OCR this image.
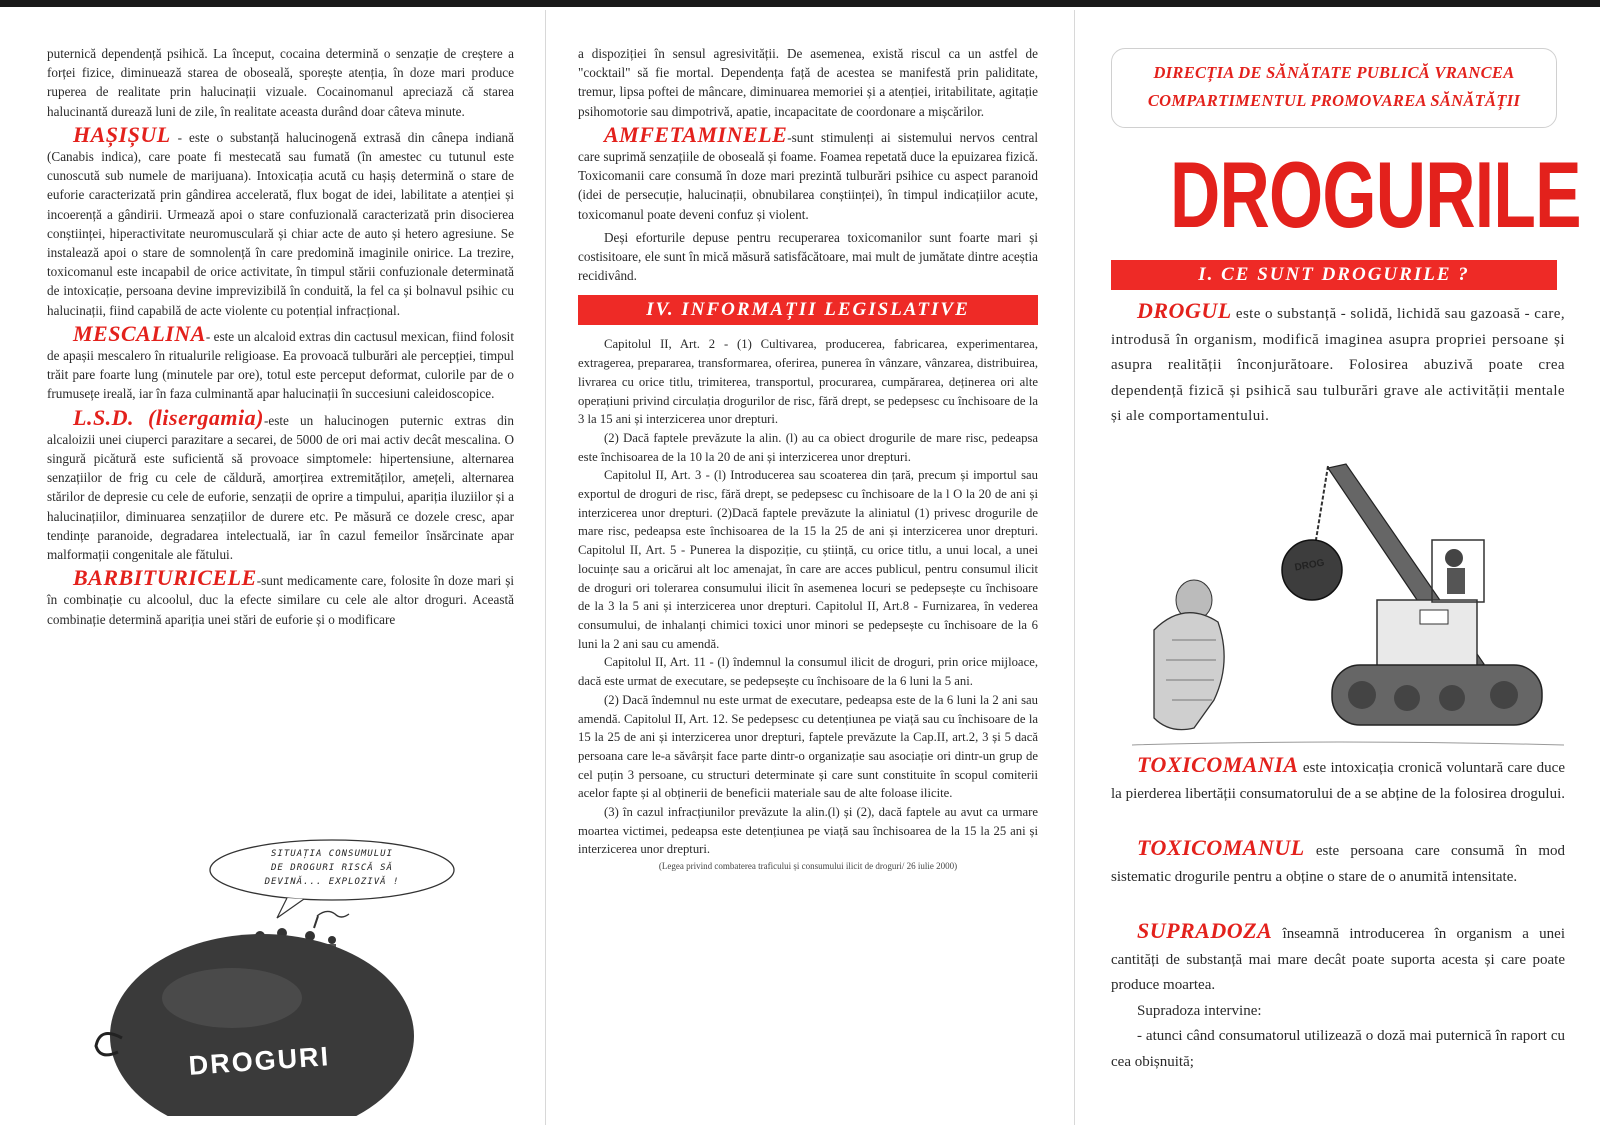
puternică dependență psihică. La început, cocaina determină o senzație de creștere a forței fizice, diminuează starea de oboseală, sporește atenția, în doze mari produce ruperea de realitate prin halucinații vizuale. Cocainomanul apreciază că starea halucinantă durează luni de zile, în realitate aceasta durând doar câteva minute.

HAȘIȘUL - este o substanță halucinogenă extrasă din cânepa indiană (Canabis indica), care poate fi mestecată sau fumată (în amestec cu tutunul este cunoscută sub numele de marijuana). Intoxicația acută cu hașiș determină o stare de euforie caracterizată prin gândirea accelerată, flux bogat de idei, labilitate a atenției și incoerență a gândirii. Urmează apoi o stare confuzională caracterizată prin disocierea conștiinței, hiperactivitate neuromusculară și chiar acte de auto și hetero agresiune. Se instalează apoi o stare de somnolență în care predomină imaginile onirice. La trezire, toxicomanul este incapabil de orice activitate, în timpul stării confuzionale determinată de intoxicație, persoana devine imprevizibilă în conduită, la fel ca și bolnavul psihic cu halucinații, fiind capabilă de acte violente cu potențial infracțional.

MESCALINA- este un alcaloid extras din cactusul mexican, fiind folosit de apașii mescalero în ritualurile religioase. Ea provoacă tulburări ale percepției, timpul trăit pare foarte lung (minutele par ore), totul este perceput deformat, culorile par de o frumusețe ireală, iar în faza culminantă apar halucinații în succesiuni caleidoscopice.

L.S.D. (lisergamia)-este un halucinogen puternic extras din alcaloizii unei ciuperci parazitare a secarei, de 5000 de ori mai activ decât mescalina. O singură picătură este suficientă să provoace simptomele: hipertensiune, alternarea senzațiilor de frig cu cele de căldură, amorțirea extremităților, amețeli, alternarea stărilor de depresie cu cele de euforie, senzații de oprire a timpului, apariția iluziilor și a halucinațiilor, diminuarea senzațiilor de durere etc. Pe măsură ce dozele cresc, apar tendințe paranoide, degradarea intelectuală, iar în cazul femeilor însărcinate apar malformații congenitale ale fătului.

BARBITURICELE-sunt medicamente care, folosite în doze mari și în combinație cu alcoolul, duc la efecte similare cu cele ale altor droguri. Această combinație determină apariția unei stări de euforie și o modificare

SITUAȚIA CONSUMULUI
DE DROGURI RISCĂ SĂ
DEVINĂ... EXPLOZIVĂ !
DROGURI

a dispoziției în sensul agresivității. De asemenea, există riscul ca un astfel de "cocktail" să fie mortal. Dependența față de acestea se manifestă prin paliditate, tremur, lipsa poftei de mâncare, diminuarea memoriei și a atenției, iritabilitate, agitație psihomotorie sau dimpotrivă, apatie, incapacitate de coordonare a mișcărilor.

AMFETAMINELE-sunt stimulenți ai sistemului nervos central care suprimă senzațiile de oboseală și foame. Foamea repetată duce la epuizarea fizică. Toxicomanii care consumă în doze mari prezintă tulburări psihice cu aspect paranoid (idei de persecuție, halucinații, obnubilarea conștiinței), în timpul indicațiilor acute, toxicomanul poate deveni confuz și violent.

Deși eforturile depuse pentru recuperarea toxicomanilor sunt foarte mari și costisitoare, ele sunt în mică măsură satisfăcătoare, mai mult de jumătate dintre aceștia recidivând.

IV. INFORMAȚII LEGISLATIVE

Capitolul II, Art. 2 - (1) Cultivarea, producerea, fabricarea, experimentarea, extragerea, prepararea, transformarea, oferirea, punerea în vânzare, vânzarea, distribuirea, livrarea cu orice titlu, trimiterea, transportul, procurarea, cumpărarea, deținerea ori alte operațiuni privind circulația drogurilor de risc, fără drept, se pedepsesc cu închisoare de la 3 la 15 ani și interzicerea unor drepturi.

(2) Dacă faptele prevăzute la alin. (l) au ca obiect drogurile de mare risc, pedeapsa este închisoarea de la 10 la 20 de ani și interzicerea unor drepturi.

Capitolul II, Art. 3 - (l) Introducerea sau scoaterea din țară, precum și importul sau exportul de droguri de risc, fără drept, se pedepsesc cu închisoare de la l O la 20 de ani și interzicerea unor drepturi. (2)Dacă faptele prevăzute la aliniatul (1) privesc drogurile de mare risc, pedeapsa este închisoarea de la 15 la 25 de ani și interzicerea unor drepturi. Capitolul II, Art. 5 - Punerea la dispoziție, cu știință, cu orice titlu, a unui local, a unei locuințe sau a oricărui alt loc amenajat, în care are acces publicul, pentru consumul ilicit de droguri ori tolerarea consumului ilicit în asemenea locuri se pedepsește cu închisoare de la 3 la 5 ani și interzicerea unor drepturi. Capitolul II, Art.8 - Furnizarea, în vederea consumului, de inhalanți chimici toxici unor minori se pedepsește cu închisoare de la 6 luni la 2 ani sau cu amendă.

Capitolul II, Art. 11 - (l) îndemnul la consumul ilicit de droguri, prin orice mijloace, dacă este urmat de executare, se pedepsește cu închisoare de la 6 luni la 5 ani.

(2) Dacă îndemnul nu este urmat de executare, pedeapsa este de la 6 luni la 2 ani sau amendă. Capitolul II, Art. 12. Se pedepsesc cu detențiunea pe viață sau cu închisoare de la 15 la 25 de ani și interzicerea unor drepturi, faptele prevăzute la Cap.II, art.2, 3 și 5 dacă persoana care le-a săvârșit face parte dintr-o organizație sau asociație ori dintr-un grup de cel puțin 3 persoane, cu structuri determinate și care sunt constituite în scopul comiterii acelor fapte și al obținerii de beneficii materiale sau de alte foloase ilicite.

(3) în cazul infracțiunilor prevăzute la alin.(l) și (2), dacă faptele au avut ca urmare moartea victimei, pedeapsa este detențiunea pe viață sau închisoarea de la 15 la 25 ani și interzicerea unor drepturi.

(Legea privind combaterea traficului și consumului ilicit de droguri/ 26 iulie 2000)
DIRECȚIA DE SĂNĂTATE PUBLICĂ VRANCEA
COMPARTIMENTUL PROMOVAREA SĂNĂTĂȚII
DROGURILE
I. CE SUNT DROGURILE ?

DROGUL este o substanță - solidă, lichidă sau gazoasă - care, introdusă în organism, modifică imaginea asupra propriei persoane și asupra realității înconjurătoare. Folosirea abuzivă poate crea dependență fizică și psihică sau tulburări grave ale activității mentale și ale comportamentului.

DROG

TOXICOMANIA este intoxicația cronică voluntară care duce la pierderea libertății consumatorului de a se abține de la folosirea drogului.

TOXICOMANUL este persoana care consumă în mod sistematic drogurile pentru a obține o stare de o anumită intensitate.

SUPRADOZA înseamnă introducerea în organism a unei cantități de substanță mai mare decât poate suporta acesta și care poate produce moartea.

Supradoza intervine:

- atunci când consumatorul utilizează o doză mai puternică în raport cu cea obișnuită;
